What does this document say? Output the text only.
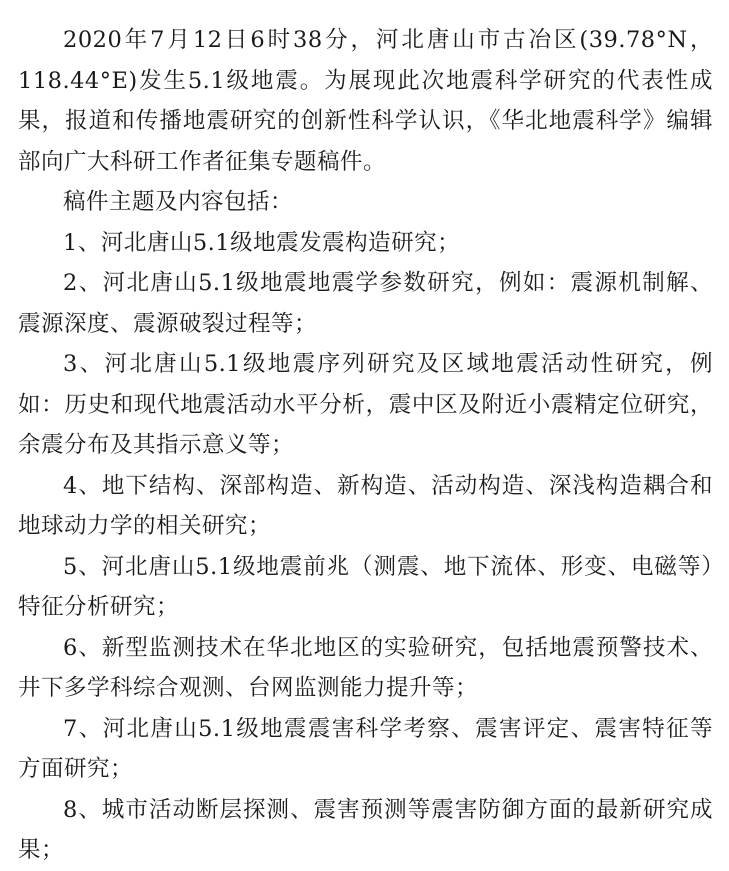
2020年7月12日6时38分，河北唐山市古冶区(39.78°N，118.44°E)发生5.1级地震。为展现此次地震科学研究的代表性成果，报道和传播地震研究的创新性科学认识，《华北地震科学》编辑部向广大科研工作者征集专题稿件。

稿件主题及内容包括：

1、河北唐山5.1级地震发震构造研究；

2、河北唐山5.1级地震地震学参数研究，例如：震源机制解、震源深度、震源破裂过程等；

3、河北唐山5.1级地震序列研究及区域地震活动性研究，例如：历史和现代地震活动水平分析，震中区及附近小震精定位研究，余震分布及其指示意义等；

4、地下结构、深部构造、新构造、活动构造、深浅构造耦合和地球动力学的相关研究；

5、河北唐山5.1级地震前兆（测震、地下流体、形变、电磁等）特征分析研究；

6、新型监测技术在华北地区的实验研究，包括地震预警技术、井下多学科综合观测、台网监测能力提升等；

7、河北唐山5.1级地震震害科学考察、震害评定、震害特征等方面研究；

8、城市活动断层探测、震害预测等震害防御方面的最新研究成果；
